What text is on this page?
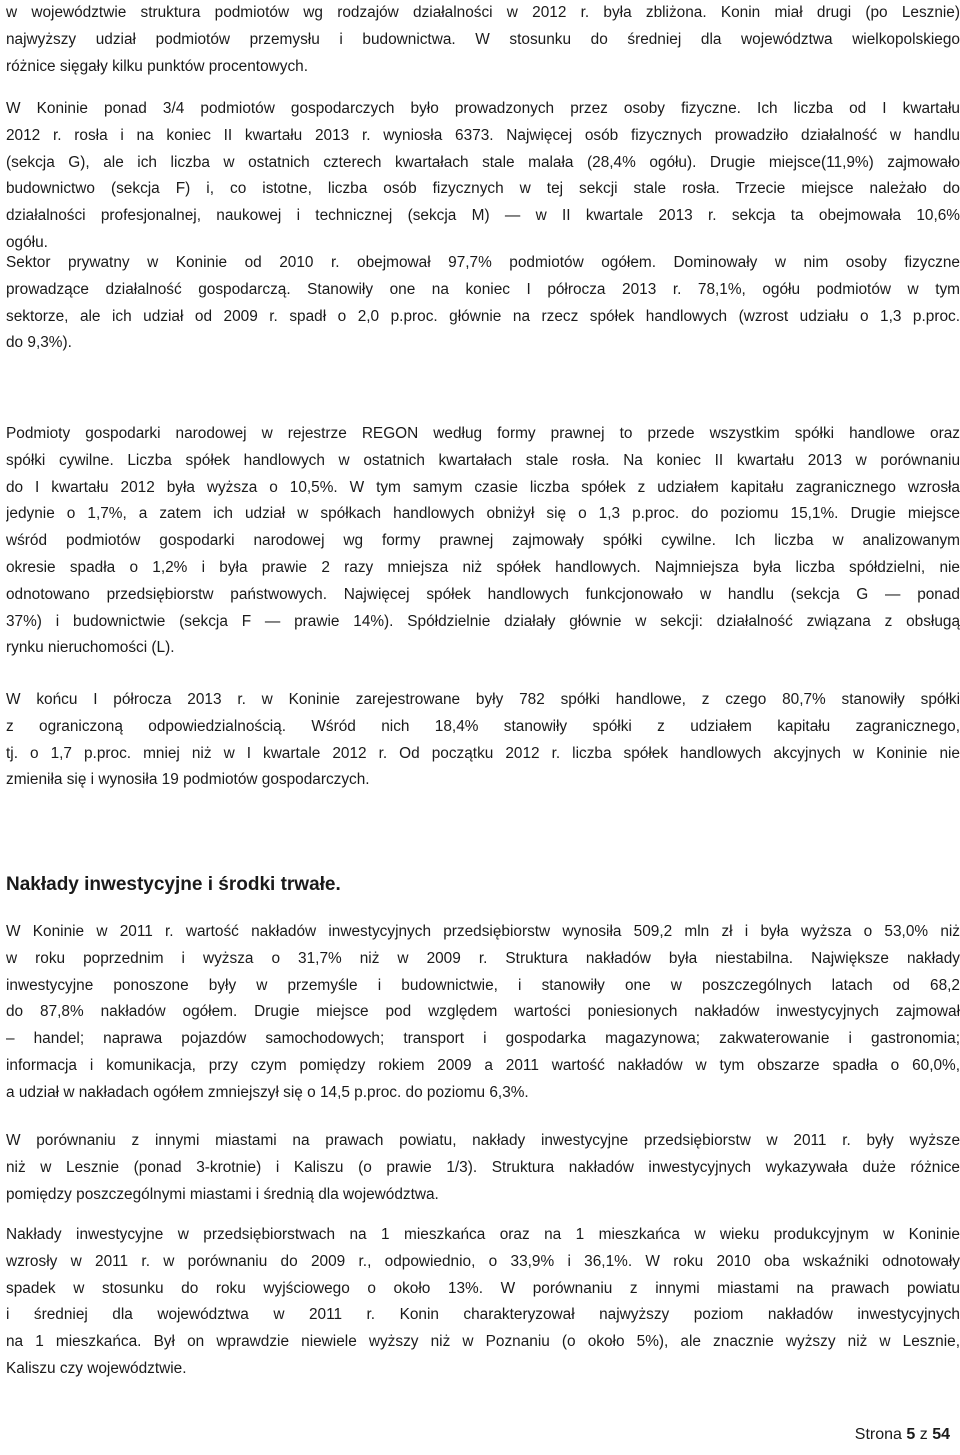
w województwie struktura podmiotów wg rodzajów działalności w 2012 r. była zbliżona. Konin miał drugi (po Lesznie)
najwyższy udział podmiotów przemysłu i budownictwa. W stosunku do średniej dla województwa wielkopolskiego
różnice sięgały kilku punktów procentowych.
W Koninie ponad 3/4 podmiotów gospodarczych było prowadzonych przez osoby fizyczne. Ich liczba od I kwartału
2012 r. rosła i na koniec II kwartału 2013 r. wyniosła 6373. Najwięcej osób fizycznych prowadziło działalność w handlu
(sekcja G), ale ich liczba w ostatnich czterech kwartałach stale malała (28,4% ogółu). Drugie miejsce(11,9%) zajmowało
budownictwo (sekcja F) i, co istotne, liczba osób fizycznych w tej sekcji stale rosła. Trzecie miejsce należało do
działalności profesjonalnej, naukowej i technicznej (sekcja M) — w II kwartale 2013 r. sekcja ta obejmowała 10,6%
ogółu.
Sektor prywatny w Koninie od 2010 r. obejmował 97,7% podmiotów ogółem. Dominowały w nim osoby fizyczne
prowadzące działalność gospodarczą. Stanowiły one na koniec I półrocza 2013 r. 78,1%, ogółu podmiotów w tym
sektorze, ale ich udział od 2009 r. spadł o 2,0 p.proc. głównie na rzecz spółek handlowych (wzrost udziału o 1,3 p.proc.
do 9,3%).
Podmioty gospodarki narodowej w rejestrze REGON według formy prawnej to przede wszystkim spółki handlowe oraz
spółki cywilne. Liczba spółek handlowych w ostatnich kwartałach stale rosła. Na koniec II kwartału 2013 w porównaniu
do I kwartału 2012 była wyższa o 10,5%. W tym samym czasie liczba spółek z udziałem kapitału zagranicznego wzrosła
jedynie o 1,7%, a zatem ich udział w spółkach handlowych obniżył się o 1,3 p.proc. do poziomu 15,1%. Drugie miejsce
wśród podmiotów gospodarki narodowej wg formy prawnej zajmowały spółki cywilne. Ich liczba w analizowanym
okresie spadła o 1,2% i była prawie 2 razy mniejsza niż spółek handlowych. Najmniejsza była liczba spółdzielni, nie
odnotowano przedsiębiorstw państwowych. Najwięcej spółek handlowych funkcjonowało w handlu (sekcja G — ponad
37%) i budownictwie (sekcja F — prawie 14%). Spółdzielnie działały głównie w sekcji: działalność związana z obsługą
rynku nieruchomości (L).
W końcu I półrocza 2013 r. w Koninie zarejestrowane były 782 spółki handlowe, z czego 80,7% stanowiły spółki
z ograniczoną odpowiedzialnością. Wśród nich 18,4% stanowiły spółki z udziałem kapitału zagranicznego,
tj. o 1,7 p.proc. mniej niż w I kwartale 2012 r. Od początku 2012 r. liczba spółek handlowych akcyjnych w Koninie nie
zmieniła się i wynosiła 19 podmiotów gospodarczych.
Nakłady inwestycyjne i środki trwałe.
W Koninie w 2011 r. wartość nakładów inwestycyjnych przedsiębiorstw wynosiła 509,2 mln zł i była wyższa o 53,0% niż
w roku poprzednim i wyższa o 31,7% niż w 2009 r. Struktura nakładów była niestabilna. Największe nakłady
inwestycyjne ponoszone były w przemyśle i budownictwie, i stanowiły one w poszczególnych latach od 68,2
do 87,8% nakładów ogółem. Drugie miejsce pod względem wartości poniesionych nakładów inwestycyjnych zajmował
– handel; naprawa pojazdów samochodowych; transport i gospodarka magazynowa; zakwaterowanie i gastronomia;
informacja i komunikacja, przy czym pomiędzy rokiem 2009 a 2011 wartość nakładów w tym obszarze spadła o 60,0%,
a udział w nakładach ogółem zmniejszył się o 14,5 p.proc. do poziomu 6,3%.
W porównaniu z innymi miastami na prawach powiatu, nakłady inwestycyjne przedsiębiorstw w 2011 r. były wyższe
niż w Lesznie (ponad 3-krotnie) i Kaliszu (o prawie 1/3). Struktura nakładów inwestycyjnych wykazywała duże różnice
pomiędzy poszczególnymi miastami i średnią dla województwa.
Nakłady inwestycyjne w przedsiębiorstwach na 1 mieszkańca oraz na 1 mieszkańca w wieku produkcyjnym w Koninie
wzrosły w 2011 r. w porównaniu do 2009 r., odpowiednio, o 33,9% i 36,1%. W roku 2010 oba wskaźniki odnotowały
spadek w stosunku do roku wyjściowego o około 13%. W porównaniu z innymi miastami na prawach powiatu
i średniej dla województwa w 2011 r. Konin charakteryzował najwyższy poziom nakładów inwestycyjnych
na 1 mieszkańca. Był on wprawdzie niewiele wyższy niż w Poznaniu (o około 5%), ale znacznie wyższy niż w Lesznie,
Kaliszu czy województwie.
Strona 5 z 54
